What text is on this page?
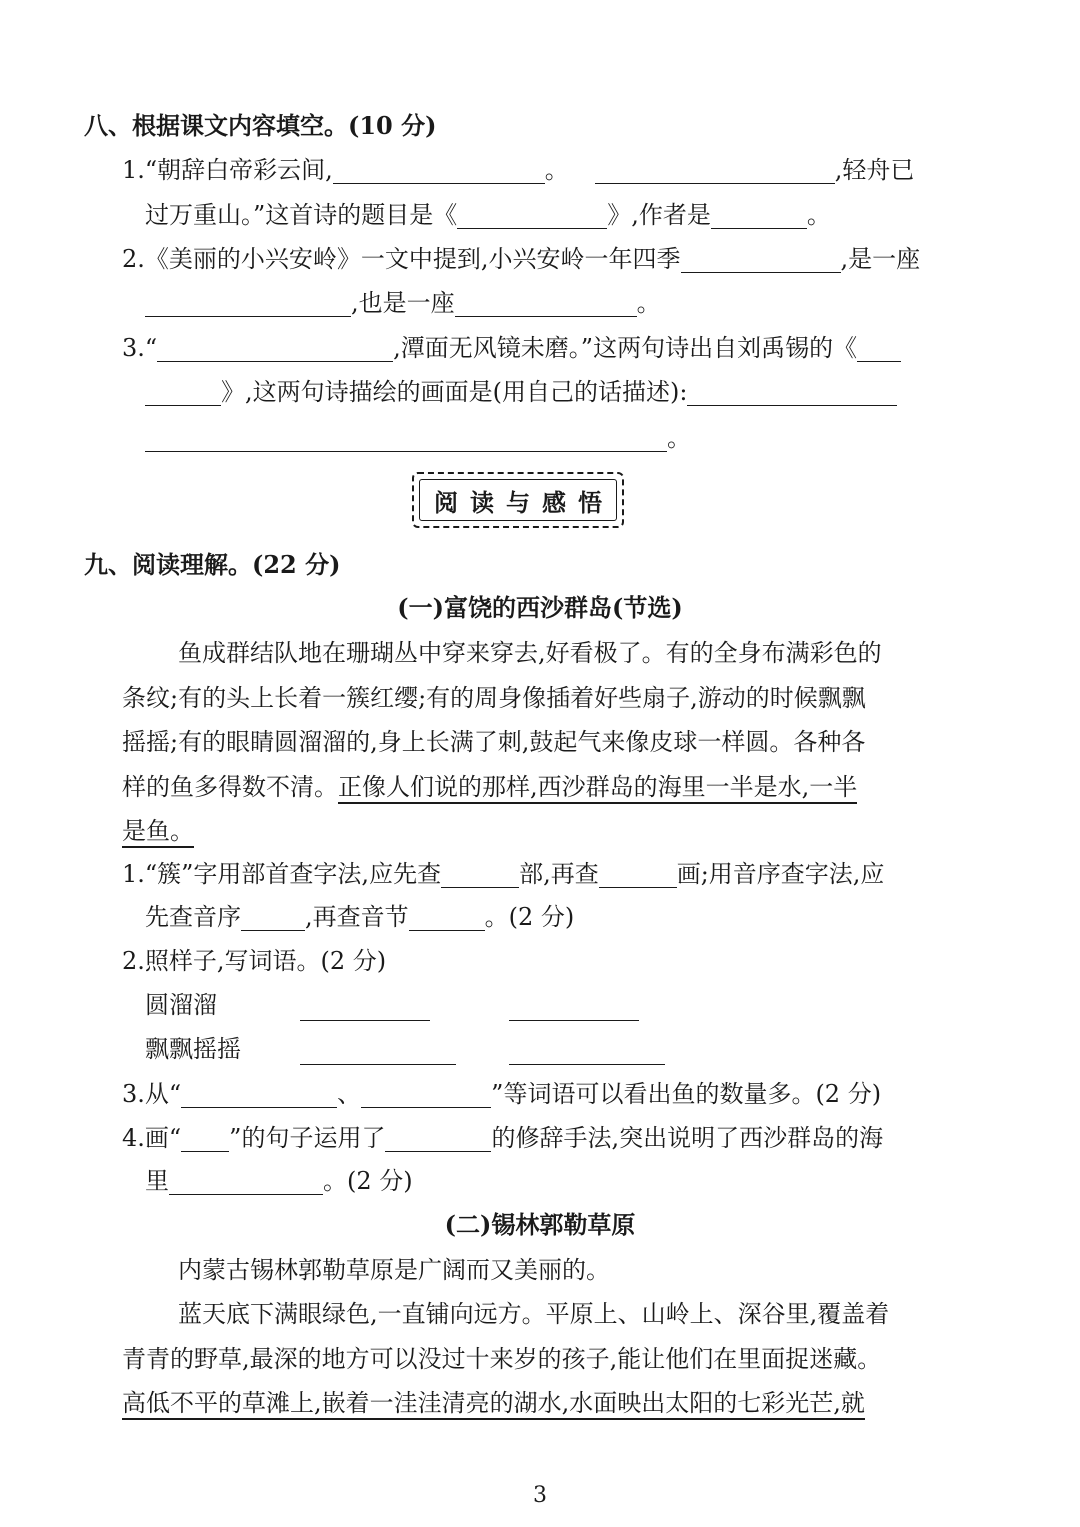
八、根据课文内容填空。(10 分)
1.“朝辞白帝彩云间,	。	,轻舟已
过万重山。”这首诗的题目是《	》,作者是	。
2.《美丽的小兴安岭》一文中提到,小兴安岭一年四季	,是一座
,也是一座	。
3.“	,潭面无风镜未磨。”这两句诗出自刘禹锡的《
》,这两句诗描绘的画面是(用自己的话描述):
。
阅读与感悟
九、阅读理解。(22 分)
(一)富饶的西沙群岛(节选)
鱼成群结队地在珊瑚丛中穿来穿去,好看极了。有的全身布满彩色的
条纹;有的头上长着一簇红缨;有的周身像插着好些扇子,游动的时候飘飘
摇摇;有的眼睛圆溜溜的,身上长满了刺,鼓起气来像皮球一样圆。各种各
样的鱼多得数不清。正像人们说的那样,西沙群岛的海里一半是水,一半
是鱼。
1.“簇”字用部首查字法,应先查	部,再查	画;用音序查字法,应
先查音序	,再查音节	。(2 分)
2.照样子,写词语。(2 分)
圆溜溜
飘飘摇摇
3.从“	、	”等词语可以看出鱼的数量多。(2 分)
4.画“ ”的句子运用了	的修辞手法,突出说明了西沙群岛的海
里	。(2 分)
(二)锡林郭勒草原
内蒙古锡林郭勒草原是广阔而又美丽的。
蓝天底下满眼绿色,一直铺向远方。平原上、山岭上、深谷里,覆盖着
青青的野草,最深的地方可以没过十来岁的孩子,能让他们在里面捉迷藏。
高低不平的草滩上,嵌着一洼洼清亮的湖水,水面映出太阳的七彩光芒,就
3
